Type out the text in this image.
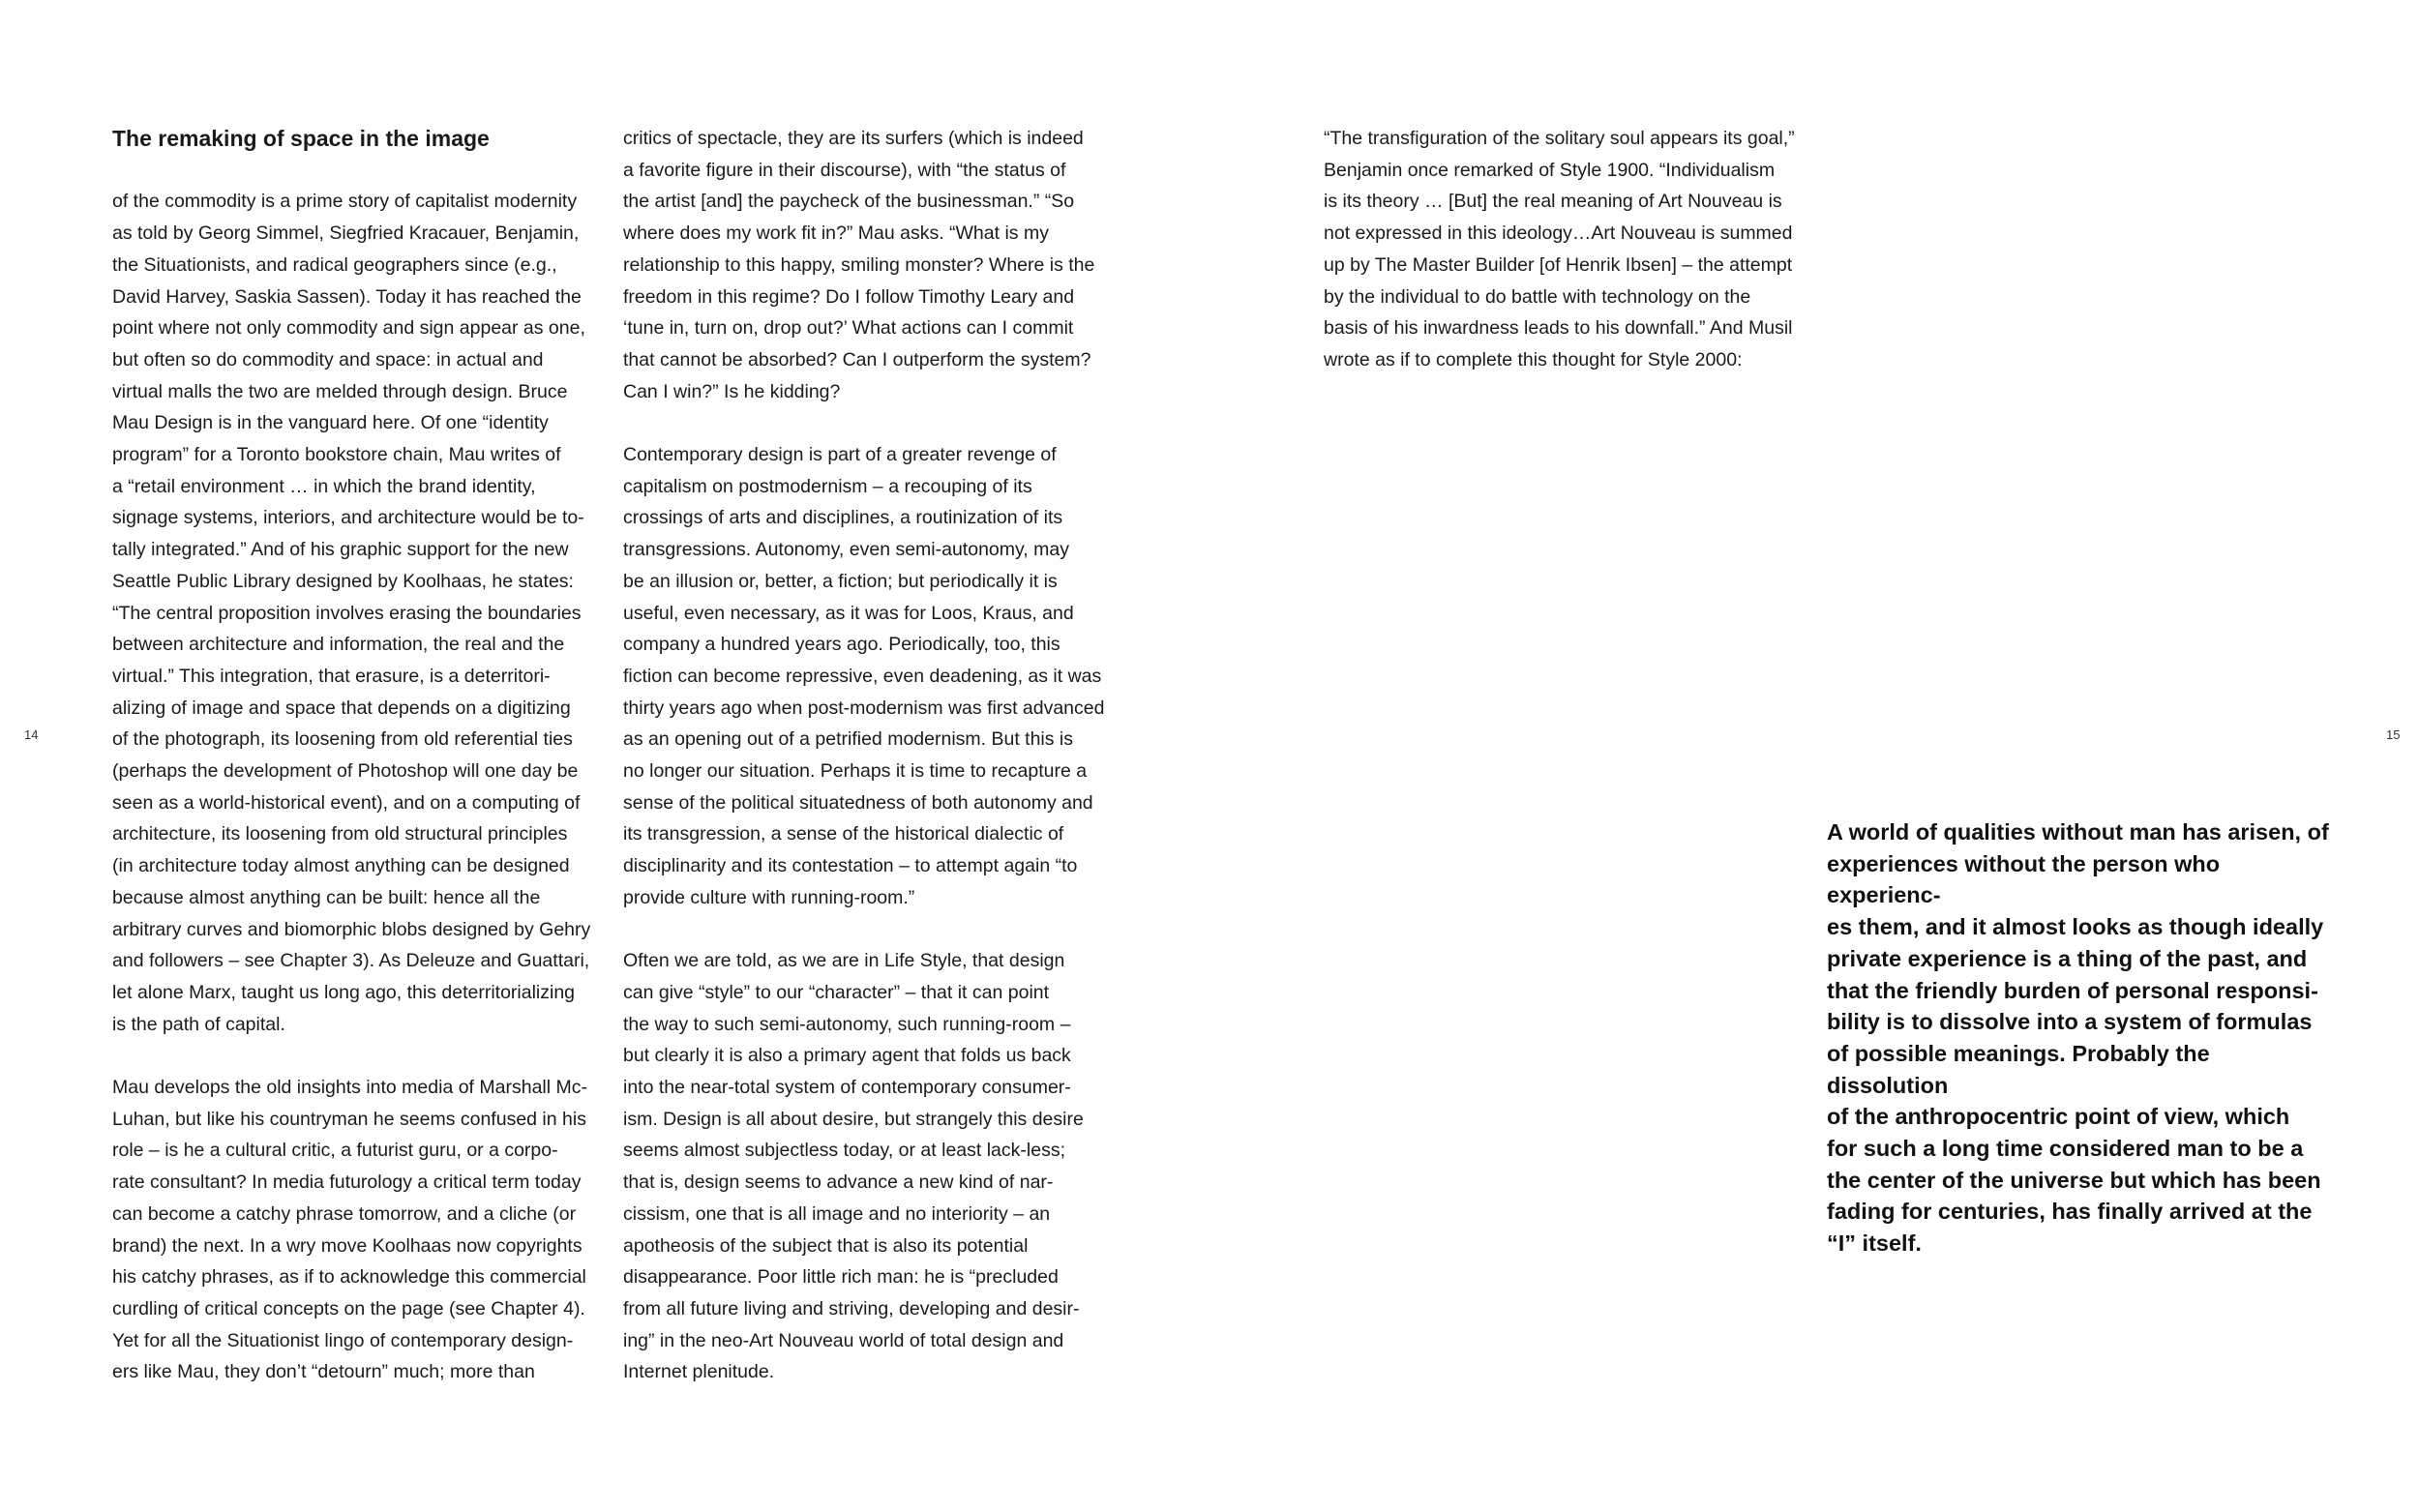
14	15
The remaking of space in the image

of the commodity is a prime story of capitalist modernity
as told by Georg Simmel, Siegfried Kracauer, Benjamin,
the Situationists, and radical geographers since (e.g.,
David Harvey, Saskia Sassen). Today it has reached the
point where not only commodity and sign appear as one,
but often so do commodity and space: in actual and
virtual malls the two are melded through design. Bruce
Mau Design is in the vanguard here. Of one “identity
program” for a Toronto bookstore chain, Mau writes of
a “retail environment … in which the brand identity,
signage systems, interiors, and architecture would be to-
tally integrated.” And of his graphic support for the new
Seattle Public Library designed by Koolhaas, he states:
“The central proposition involves erasing the boundaries
between architecture and information, the real and the
virtual.” This integration, that erasure, is a deterritori-
alizing of image and space that depends on a digitizing
of the photograph, its loosening from old referential ties
(perhaps the development of Photoshop will one day be
seen as a world-historical event), and on a computing of
architecture, its loosening from old structural principles
(in architecture today almost anything can be designed
because almost anything can be built: hence all the
arbitrary curves and biomorphic blobs designed by Gehry
and followers – see Chapter 3). As Deleuze and Guattari,
let alone Marx, taught us long ago, this deterritorializing
is the path of capital.

Mau develops the old insights into media of Marshall Mc-
Luhan, but like his countryman he seems confused in his
role – is he a cultural critic, a futurist guru, or a corpo-
rate consultant? In media futurology a critical term today
can become a catchy phrase tomorrow, and a cliche (or
brand) the next. In a wry move Koolhaas now copyrights
his catchy phrases, as if to acknowledge this commercial
curdling of critical concepts on the page (see Chapter 4).
Yet for all the Situationist lingo of contemporary design-
ers like Mau, they don’t “detourn” much; more than

critics of spectacle, they are its surfers (which is indeed
a favorite figure in their discourse), with “the status of
the artist [and] the paycheck of the businessman.” “So
where does my work fit in?” Mau asks. “What is my
relationship to this happy, smiling monster? Where is the
freedom in this regime? Do I follow Timothy Leary and
‘tune in, turn on, drop out?’ What actions can I commit
that cannot be absorbed? Can I outperform the system?
Can I win?” Is he kidding?

Contemporary design is part of a greater revenge of
capitalism on postmodernism – a recouping of its
crossings of arts and disciplines, a routinization of its
transgressions. Autonomy, even semi-autonomy, may
be an illusion or, better, a fiction; but periodically it is
useful, even necessary, as it was for Loos, Kraus, and
company a hundred years ago. Periodically, too, this
fiction can become repressive, even deadening, as it was
thirty years ago when post-modernism was first advanced
as an opening out of a petrified modernism. But this is
no longer our situation. Perhaps it is time to recapture a
sense of the political situatedness of both autonomy and
its transgression, a sense of the historical dialectic of
disciplinarity and its contestation – to attempt again “to
provide culture with running-room.”

Often we are told, as we are in Life Style, that design
can give “style” to our “character” – that it can point
the way to such semi-autonomy, such running-room –
but clearly it is also a primary agent that folds us back
into the near-total system of contemporary consumer-
ism. Design is all about desire, but strangely this desire
seems almost subjectless today, or at least lack-less;
that is, design seems to advance a new kind of nar-
cissism, one that is all image and no interiority – an
apotheosis of the subject that is also its potential
disappearance. Poor little rich man: he is “precluded
from all future living and striving, developing and desir-
ing” in the neo-Art Nouveau world of total design and
Internet plenitude.

“The transfiguration of the solitary soul appears its goal,”
Benjamin once remarked of Style 1900. “Individualism
is its theory … [But] the real meaning of Art Nouveau is
not expressed in this ideology…Art Nouveau is summed
up by The Master Builder [of Henrik Ibsen] – the attempt
by the individual to do battle with technology on the
basis of his inwardness leads to his downfall.” And Musil
wrote as if to complete this thought for Style 2000:

A world of qualities without man has arisen, of
experiences without the person who experienc-
es them, and it almost looks as though ideally
private experience is a thing of the past, and
that the friendly burden of personal responsi-
bility is to dissolve into a system of formulas
of possible meanings. Probably the dissolution
of the anthropocentric point of view, which
for such a long time considered man to be a
the center of the universe but which has been
fading for centuries, has finally arrived at the
“I” itself.
